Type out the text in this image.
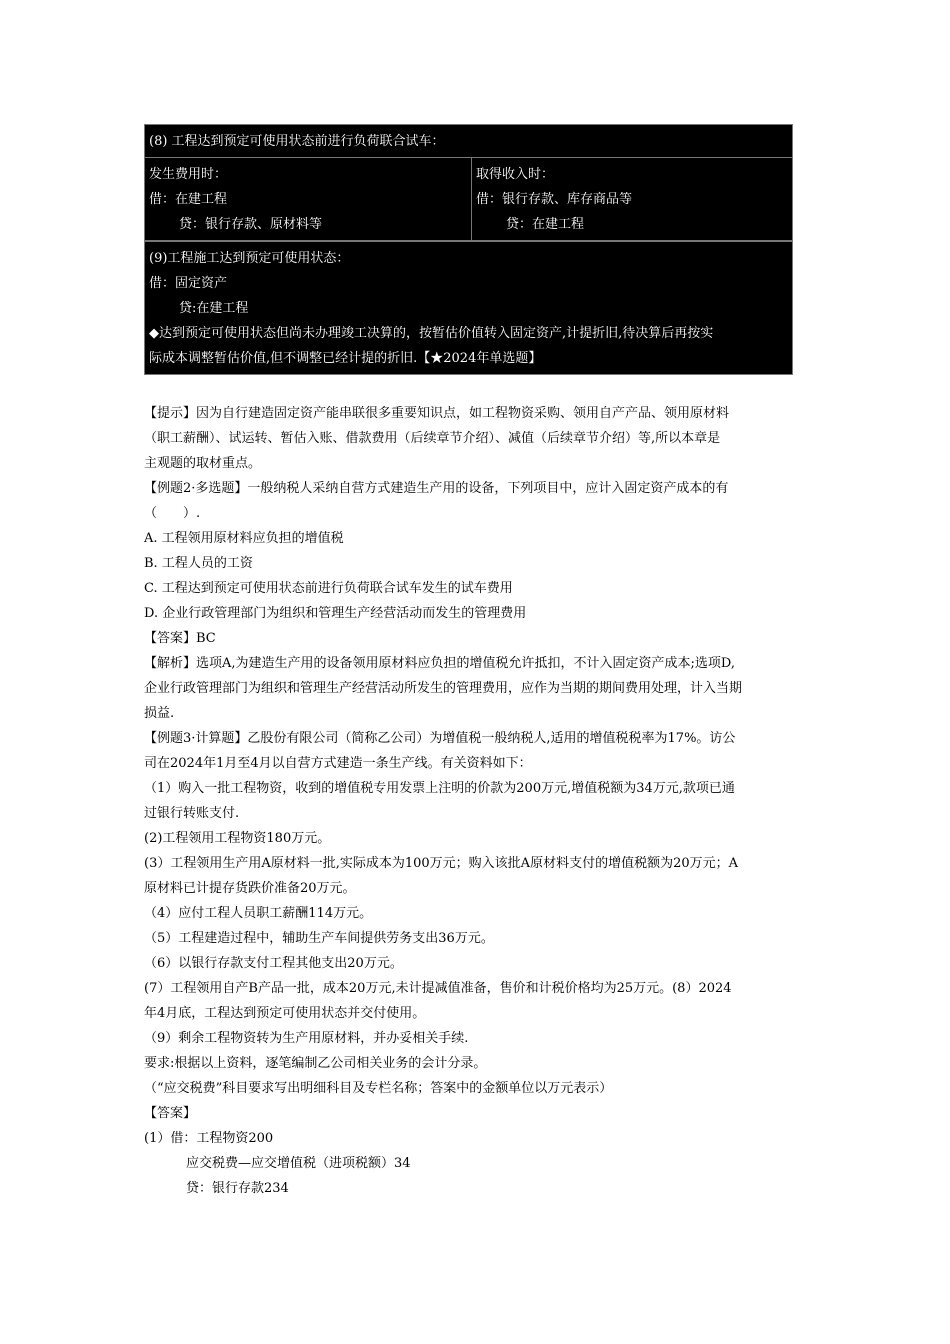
(8) 工程达到预定可使用状态前进行负荷联合试车：
发生费用时：
借：在建工程
贷：银行存款、原材料等
取得收入时：
借：银行存款、库存商品等
贷：在建工程
(9)工程施工达到预定可使用状态：
借：固定资产
贷:在建工程
◆达到预定可使用状态但尚未办理竣工决算的，按暂估价值转入固定资产,计提折旧,待决算后再按实
际成本调整暂估价值,但不调整已经计提的折旧.【★2024年单选题】

【提示】因为自行建造固定资产能串联很多重要知识点，如工程物资采购、领用自产产品、领用原材料

（职工薪酬）、试运转、暂估入账、借款费用（后续章节介绍）、减值（后续章节介绍）等,所以本章是

主观题的取材重点。

【例题2·多选题】一般纳税人采纳自营方式建造生产用的设备，下列项目中，应计入固定资产成本的有

（　　）.

A. 工程领用原材料应负担的增值税

B. 工程人员的工资

C. 工程达到预定可使用状态前进行负荷联合试车发生的试车费用

D. 企业行政管理部门为组织和管理生产经营活动而发生的管理费用

【答案】BC

【解析】选项A,为建造生产用的设备领用原材料应负担的增值税允许抵扣，不计入固定资产成本;选项D,

企业行政管理部门为组织和管理生产经营活动所发生的管理费用，应作为当期的期间费用处理，计入当期

损益.

【例题3·计算题】乙股份有限公司（简称乙公司）为增值税一般纳税人,适用的增值税税率为17%。访公

司在2024年1月至4月以自营方式建造一条生产线。有关资料如下：

（1）购入一批工程物资，收到的增值税专用发票上注明的价款为200万元,增值税额为34万元,款项已通

过银行转账支付.

(2)工程领用工程物资180万元。

(3）工程领用生产用A原材料一批,实际成本为100万元；购入该批A原材料支付的增值税额为20万元；A

原材料已计提存货跌价准备20万元。

（4）应付工程人员职工薪酬114万元。

（5）工程建造过程中，辅助生产车间提供劳务支出36万元。

（6）以银行存款支付工程其他支出20万元。

(7）工程领用自产B产品一批，成本20万元,未计提减值准备，售价和计税价格均为25万元。(8）2024

年4月底，工程达到预定可使用状态并交付使用。

（9）剩余工程物资转为生产用原材料，并办妥相关手续.

要求:根据以上资料，逐笔编制乙公司相关业务的会计分录。

（“应交税费”科目要求写出明细科目及专栏名称；答案中的金额单位以万元表示）

【答案】

(1）借：工程物资200

应交税费—应交增值税（进项税额）34

贷：银行存款234
